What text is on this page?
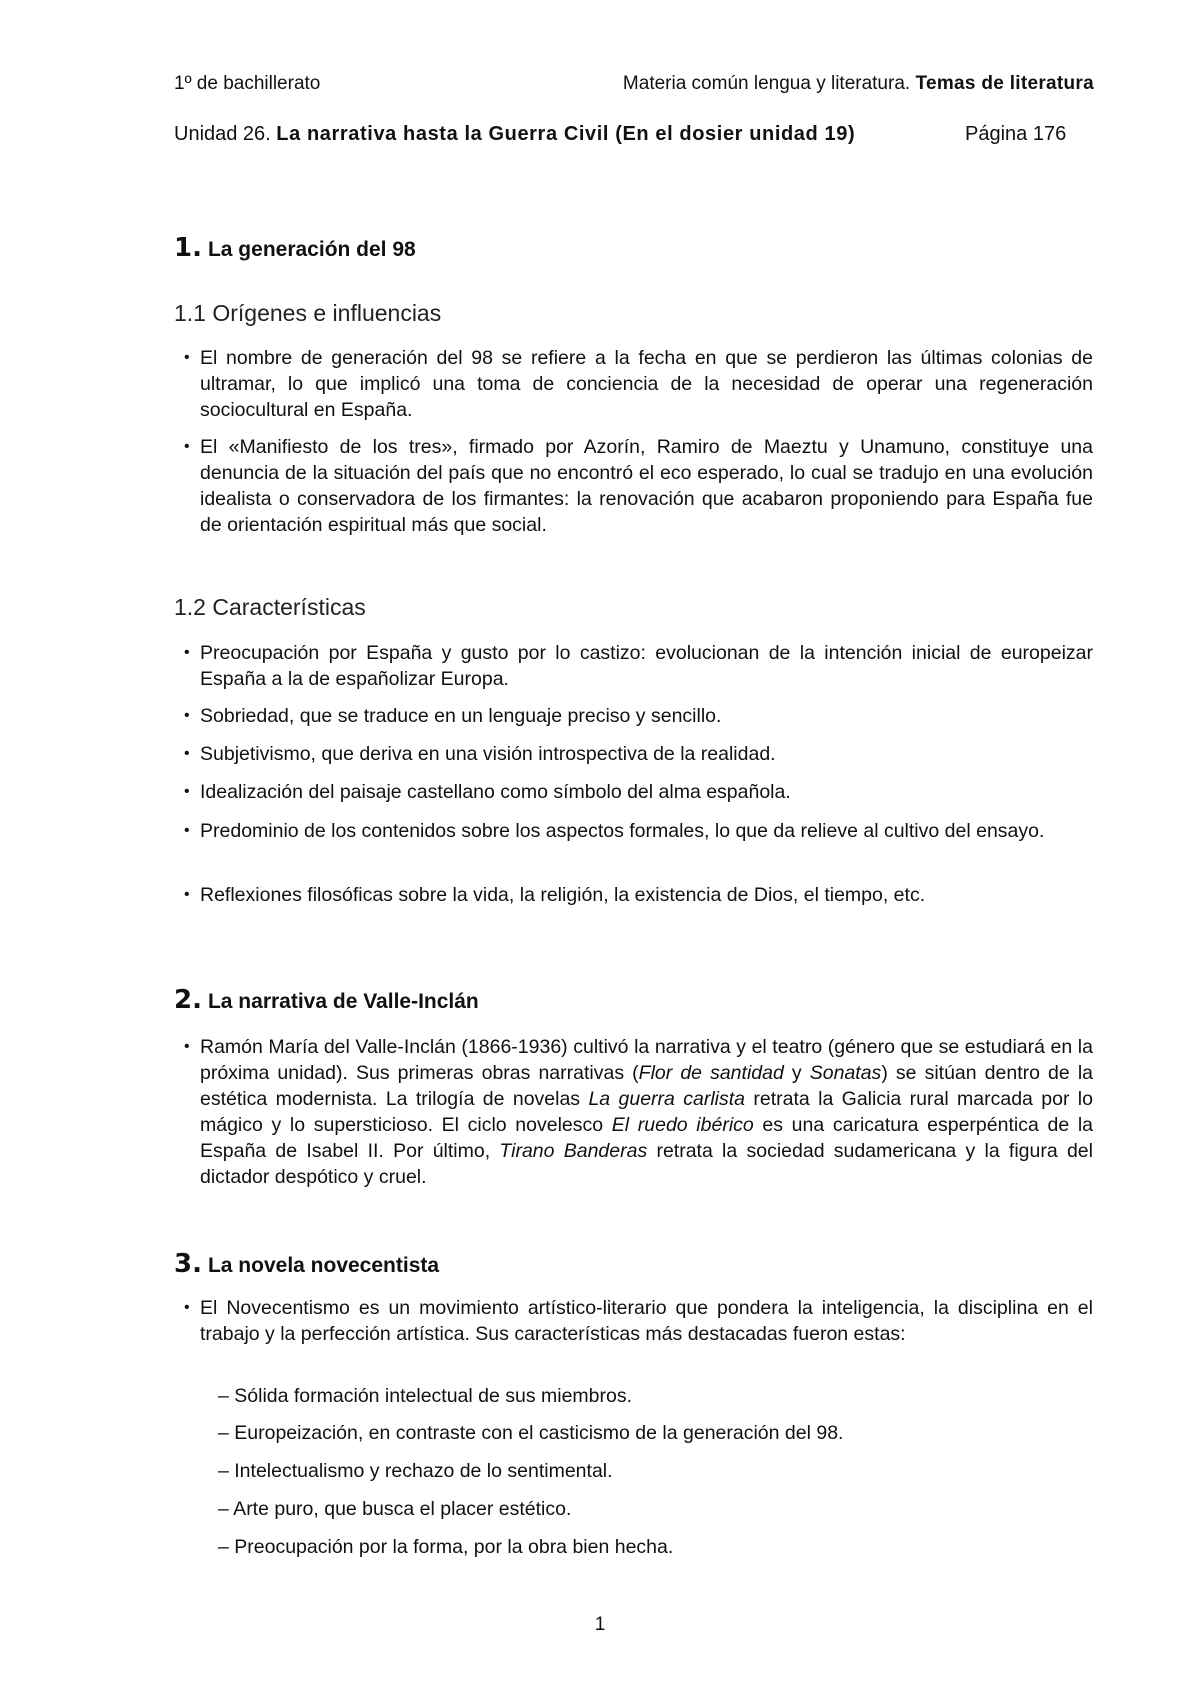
1º de bachillerato	Materia común lengua y literatura. Temas de literatura
Unidad 26. La narrativa hasta la Guerra Civil (En el dosier unidad 19)	Página 176
1. La generación del 98
1.1 Orígenes e influencias
• El nombre de generación del 98 se refiere a la fecha en que se perdieron las últimas colonias de ultramar, lo que implicó una toma de conciencia de la necesidad de operar una regeneración sociocultural en España.
• El «Manifiesto de los tres», firmado por Azorín, Ramiro de Maeztu y Unamuno, constituye una denuncia de la situación del país que no encontró el eco esperado, lo cual se tradujo en una evolución idealista o conservadora de los firmantes: la renovación que acabaron proponiendo para España fue de orientación espiritual más que social.
1.2 Características
• Preocupación por España y gusto por lo castizo: evolucionan de la intención inicial de europeizar España a la de españolizar Europa.
• Sobriedad, que se traduce en un lenguaje preciso y sencillo.
• Subjetivismo, que deriva en una visión introspectiva de la realidad.
• Idealización del paisaje castellano como símbolo del alma española.
• Predominio de los contenidos sobre los aspectos formales, lo que da relieve al cultivo del ensayo.
• Reflexiones filosóficas sobre la vida, la religión, la existencia de Dios, el tiempo, etc.
2. La narrativa de Valle-Inclán
• Ramón María del Valle-Inclán (1866-1936) cultivó la narrativa y el teatro (género que se estudiará en la próxima unidad). Sus primeras obras narrativas (Flor de santidad y Sonatas) se sitúan dentro de la estética modernista. La trilogía de novelas La guerra carlista retrata la Galicia rural marcada por lo mágico y lo supersticioso. El ciclo novelesco El ruedo ibérico es una caricatura esperpéntica de la España de Isabel II. Por último, Tirano Banderas retrata la sociedad sudamericana y la figura del dictador despótico y cruel.
3. La novela novecentista
• El Novecentismo es un movimiento artístico-literario que pondera la inteligencia, la disciplina en el trabajo y la perfección artística. Sus características más destacadas fueron estas:
– Sólida formación intelectual de sus miembros.
– Europeización, en contraste con el casticismo de la generación del 98.
– Intelectualismo y rechazo de lo sentimental.
– Arte puro, que busca el placer estético.
– Preocupación por la forma, por la obra bien hecha.
1
